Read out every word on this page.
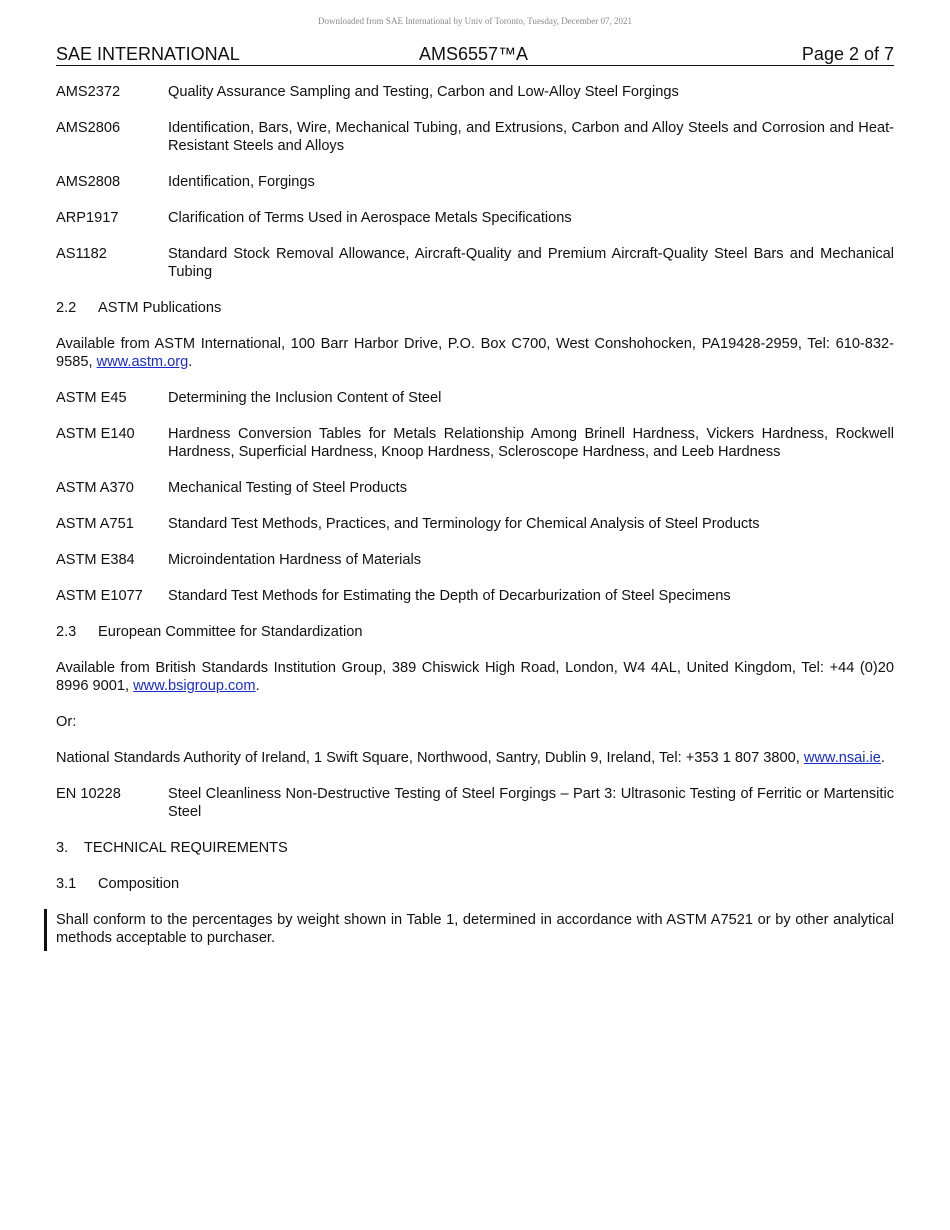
Downloaded from SAE International by Univ of Toronto, Tuesday, December 07, 2021
SAE INTERNATIONAL	AMS6557™A	Page 2 of 7
AMS2372	Quality Assurance Sampling and Testing, Carbon and Low-Alloy Steel Forgings
AMS2806	Identification, Bars, Wire, Mechanical Tubing, and Extrusions, Carbon and Alloy Steels and Corrosion and Heat-Resistant Steels and Alloys
AMS2808	Identification, Forgings
ARP1917	Clarification of Terms Used in Aerospace Metals Specifications
AS1182	Standard Stock Removal Allowance, Aircraft-Quality and Premium Aircraft-Quality Steel Bars and Mechanical Tubing
2.2 ASTM Publications
Available from ASTM International, 100 Barr Harbor Drive, P.O. Box C700, West Conshohocken, PA19428-2959, Tel: 610-832-9585, www.astm.org.
ASTM E45	Determining the Inclusion Content of Steel
ASTM E140	Hardness Conversion Tables for Metals Relationship Among Brinell Hardness, Vickers Hardness, Rockwell Hardness, Superficial Hardness, Knoop Hardness, Scleroscope Hardness, and Leeb Hardness
ASTM A370	Mechanical Testing of Steel Products
ASTM A751	Standard Test Methods, Practices, and Terminology for Chemical Analysis of Steel Products
ASTM E384	Microindentation Hardness of Materials
ASTM E1077	Standard Test Methods for Estimating the Depth of Decarburization of Steel Specimens
2.3 European Committee for Standardization
Available from British Standards Institution Group, 389 Chiswick High Road, London, W4 4AL, United Kingdom, Tel: +44 (0)20 8996 9001, www.bsigroup.com.
Or:
National Standards Authority of Ireland, 1 Swift Square, Northwood, Santry, Dublin 9, Ireland, Tel: +353 1 807 3800, www.nsai.ie.
EN 10228	Steel Cleanliness Non-Destructive Testing of Steel Forgings – Part 3: Ultrasonic Testing of Ferritic or Martensitic Steel
3. TECHNICAL REQUIREMENTS
3.1 Composition
Shall conform to the percentages by weight shown in Table 1, determined in accordance with ASTM A7521 or by other analytical methods acceptable to purchaser.
